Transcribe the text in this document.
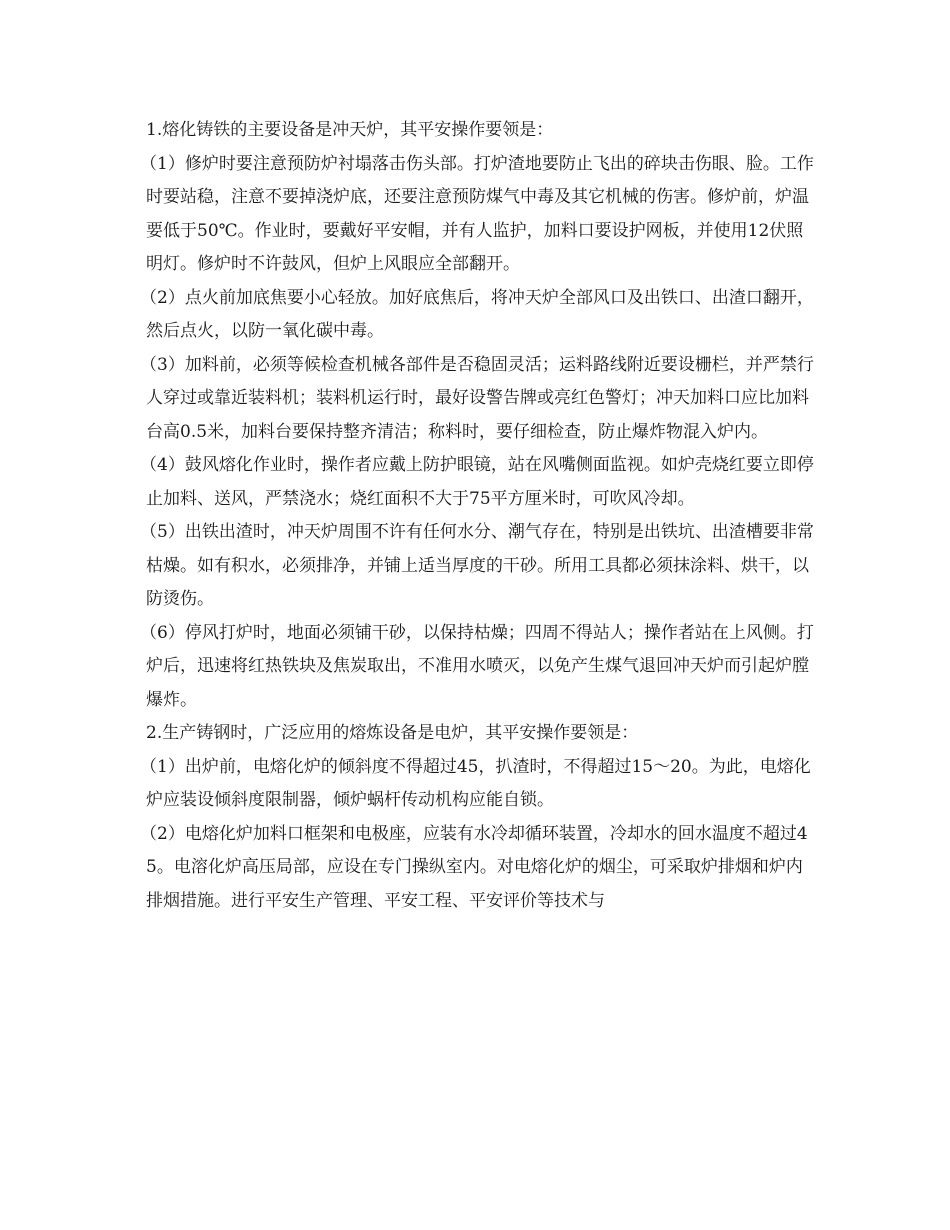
1.熔化铸铁的主要设备是冲天炉，其平安操作要领是：

（1）修炉时要注意预防炉衬塌落击伤头部。打炉渣地要防止飞出的碎块击伤眼、脸。工作时要站稳，注意不要掉浇炉底，还要注意预防煤气中毒及其它机械的伤害。修炉前，炉温要低于50℃。作业时，要戴好平安帽，并有人监护，加料口要设护网板，并使用12伏照明灯。修炉时不许鼓风，但炉上风眼应全部翻开。

（2）点火前加底焦要小心轻放。加好底焦后，将冲天炉全部风口及出铁口、出渣口翻开，然后点火，以防一氧化碳中毒。

（3）加料前，必须等候检查机械各部件是否稳固灵活；运料路线附近要设栅栏，并严禁行人穿过或靠近装料机；装料机运行时，最好设警告牌或亮红色警灯；冲天加料口应比加料台高0.5米，加料台要保持整齐清洁；称料时，要仔细检查，防止爆炸物混入炉内。

（4）鼓风熔化作业时，操作者应戴上防护眼镜，站在风嘴侧面监视。如炉壳烧红要立即停止加料、送风，严禁浇水；烧红面积不大于75平方厘米时，可吹风冷却。

（5）出铁出渣时，冲天炉周围不许有任何水分、潮气存在，特别是出铁坑、出渣槽要非常枯燥。如有积水，必须排净，并铺上适当厚度的干砂。所用工具都必须抹涂料、烘干，以防烫伤。

（6）停风打炉时，地面必须铺干砂，以保持枯燥；四周不得站人；操作者站在上风侧。打炉后，迅速将红热铁块及焦炭取出，不准用水喷灭，以免产生煤气退回冲天炉而引起炉膛爆炸。

2.生产铸钢时，广泛应用的熔炼设备是电炉，其平安操作要领是：

（1）出炉前，电熔化炉的倾斜度不得超过45，扒渣时，不得超过15～20。为此，电熔化炉应装设倾斜度限制器，倾炉蜗杆传动机构应能自锁。

（2）电熔化炉加料口框架和电极座，应装有水冷却循环装置，冷却水的回水温度不超过45。电溶化炉高压局部，应设在专门操纵室内。对电熔化炉的烟尘，可采取炉排烟和炉内排烟措施。进行平安生产管理、平安工程、平安评价等技术与
